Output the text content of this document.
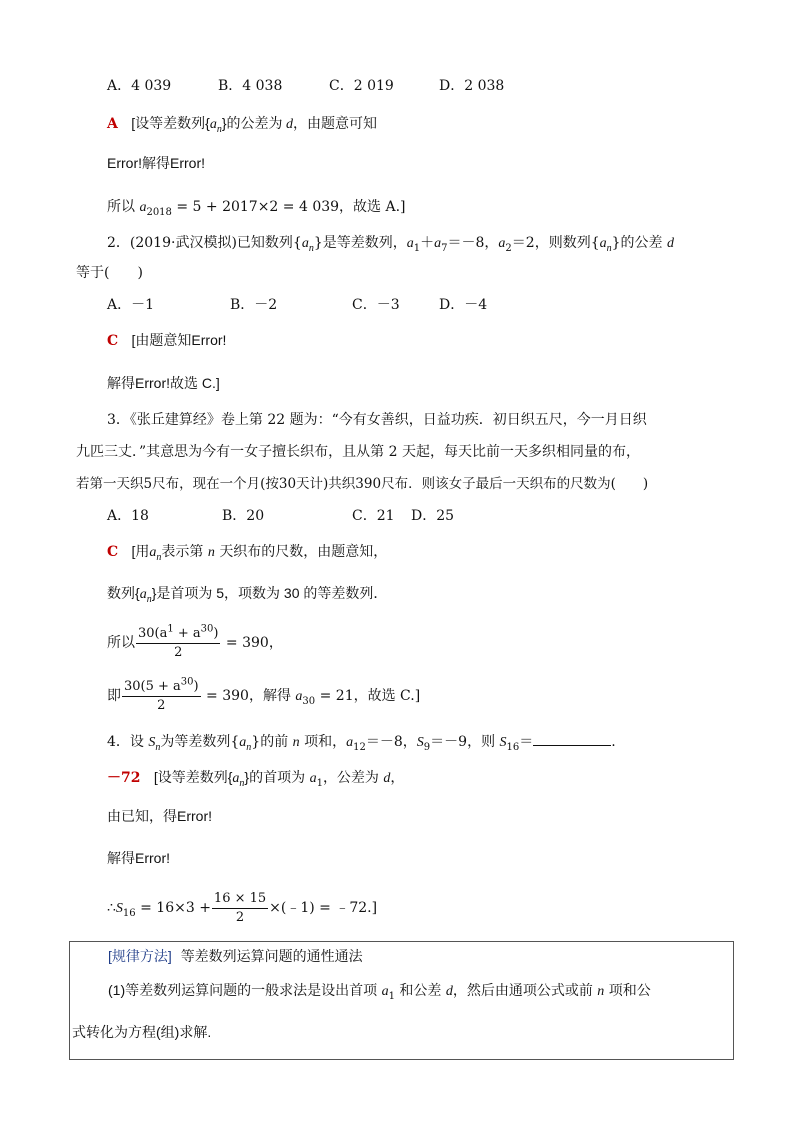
A．4 039	B．4 038	C．2 019	D．2 038
A [设等差数列$\{a_n\}$的公差为 d，由题意可知
Error!解得Error!
所以 $a_{2018} = 5 + 2017\times 2 = 4$ 039，故选 A.]
2．(2019·武汉模拟)已知数列$\{a_n\}$是等差数列，$a_1+a_7=-8$，$a_2=2$，则数列$\{a_n\}$的公差 d
等于(　　)
A．－1	B．－2	C．－3	D．－4
C [由题意知Error!
解得Error!故选 C.]
3．《张丘建算经》卷上第 22 题为：“今有女善织，日益功疾．初日织五尺，今一月日织
九匹三丈．”其意思为今有一女子擅长织布，且从第 2 天起，每天比前一天多织相同量的布，
若第一天织5尺布，现在一个月(按30天计)共织390尺布．则该女子最后一天织布的尺数为(　　)
A．18	B．20	C．21 D．25
C [用$a_n$表示第 n 天织布的尺数，由题意知，
数列$\{a_n\}$是首项为 5，项数为 30 的等差数列．
所以 $\frac{30(a^1 + a^{30})}{2} = 390$，
即 $\frac{30(5 + a^{30})}{2} = 390$，解得 $a_{30} = 21$，故选 C.]
4．设 $S_n$为等差数列$\{a_n\}$的前 n 项和，$a_{12}=-8$，$S_9=-9$，则 $S_{16}=$	.
－72 [设等差数列$\{a_n\}$的首项为 $a_1$，公差为 d，
由已知，得Error!
解得Error!
$\therefore S_{16} = 16\times 3 + \frac{16 \times 15}{2}$ ×(﹣1) = ﹣72.]
[规律方法] 等差数列运算问题的通性通法
(1)等差数列运算问题的一般求法是设出首项 $a_1$ 和公差 d，然后由通项公式或前 n 项和公
式转化为方程(组)求解.
